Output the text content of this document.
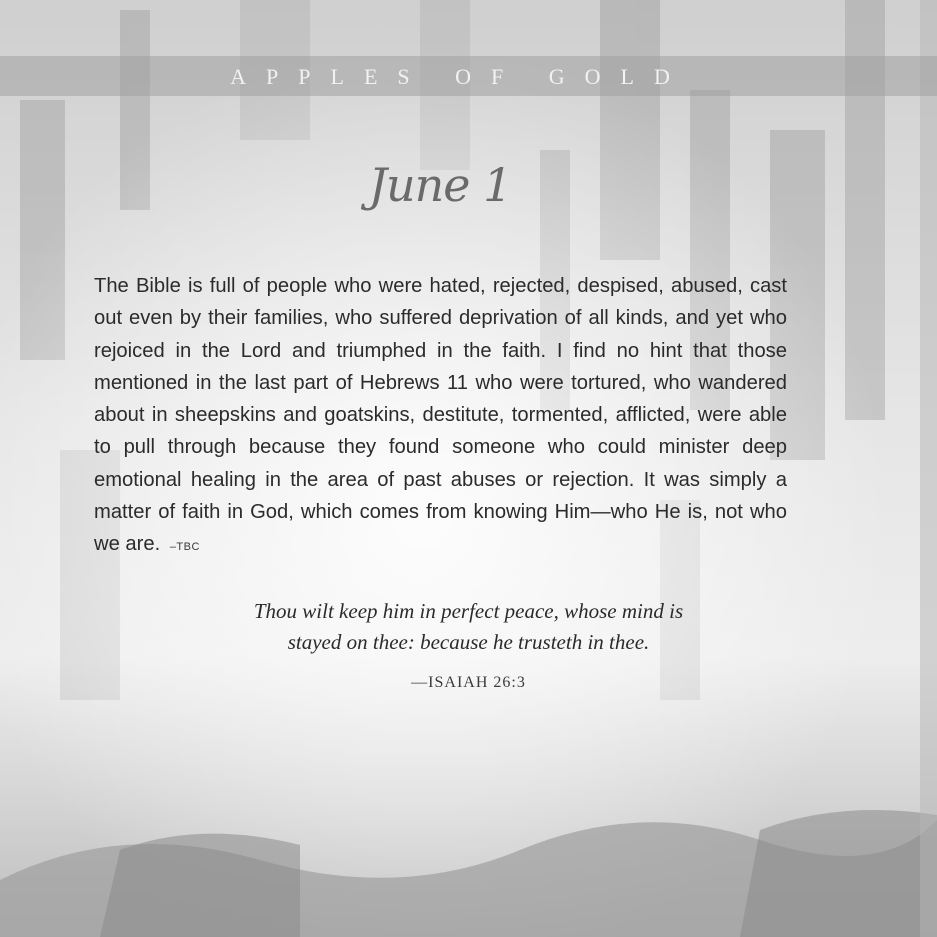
APPLES OF GOLD
June 1
The Bible is full of people who were hated, rejected, despised, abused, cast out even by their families, who suffered deprivation of all kinds, and yet who rejoiced in the Lord and triumphed in the faith. I find no hint that those mentioned in the last part of Hebrews 11 who were tortured, who wandered about in sheepskins and goatskins, destitute, tormented, afflicted, were able to pull through because they found someone who could minister deep emotional healing in the area of past abuses or rejection. It was simply a matter of faith in God, which comes from knowing Him—who He is, not who we are. –TBC
Thou wilt keep him in perfect peace, whose mind is
stayed on thee: because he trusteth in thee.
—ISAIAH 26:3
